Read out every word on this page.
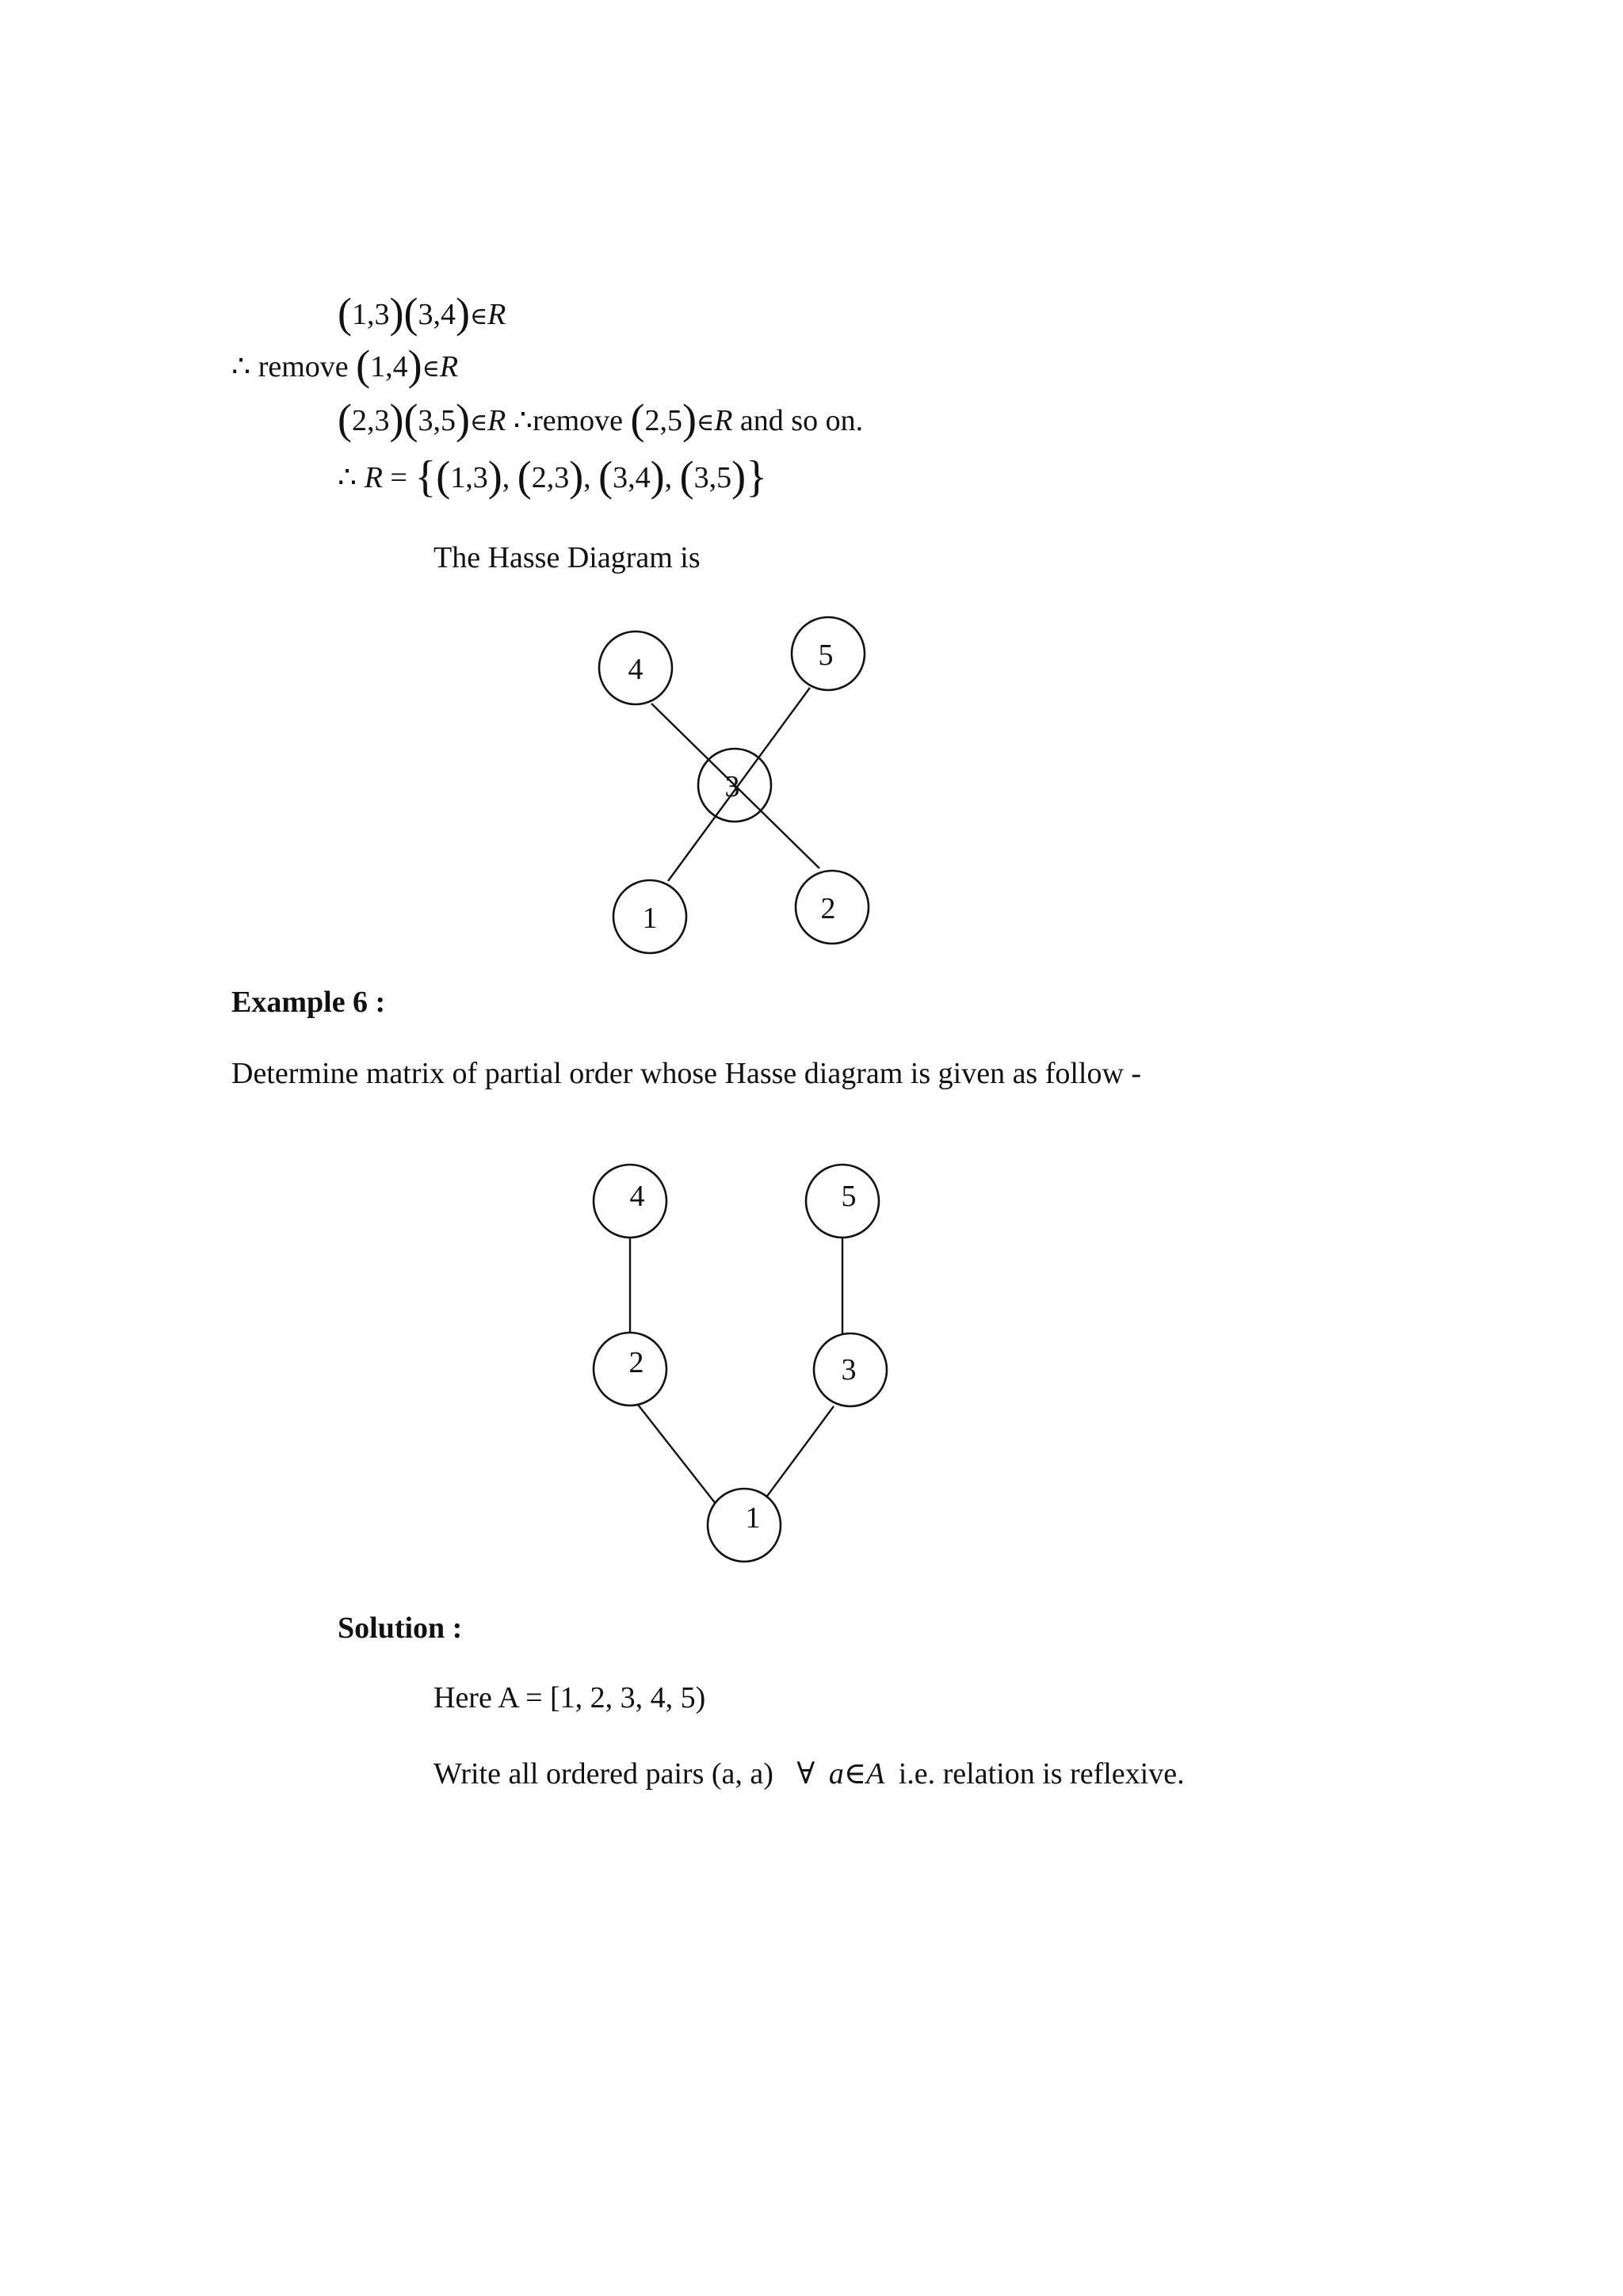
(1,3)(3,4)∈R
∴ remove (1,4)∈R
(2,3)(3,5)∈R ∴remove (2,5)∈R and so on.
∴ R = {(1,3), (2,3), (3,4), (3,5)}
The Hasse Diagram is
4	5
3
1	2
Example 6 :
Determine matrix of partial order whose Hasse diagram is given as follow -
4	5
2	3
1
Solution :
Here A = [1, 2, 3, 4, 5)
Write all ordered pairs (a, a) ∀ a∈A i.e. relation is reflexive.
